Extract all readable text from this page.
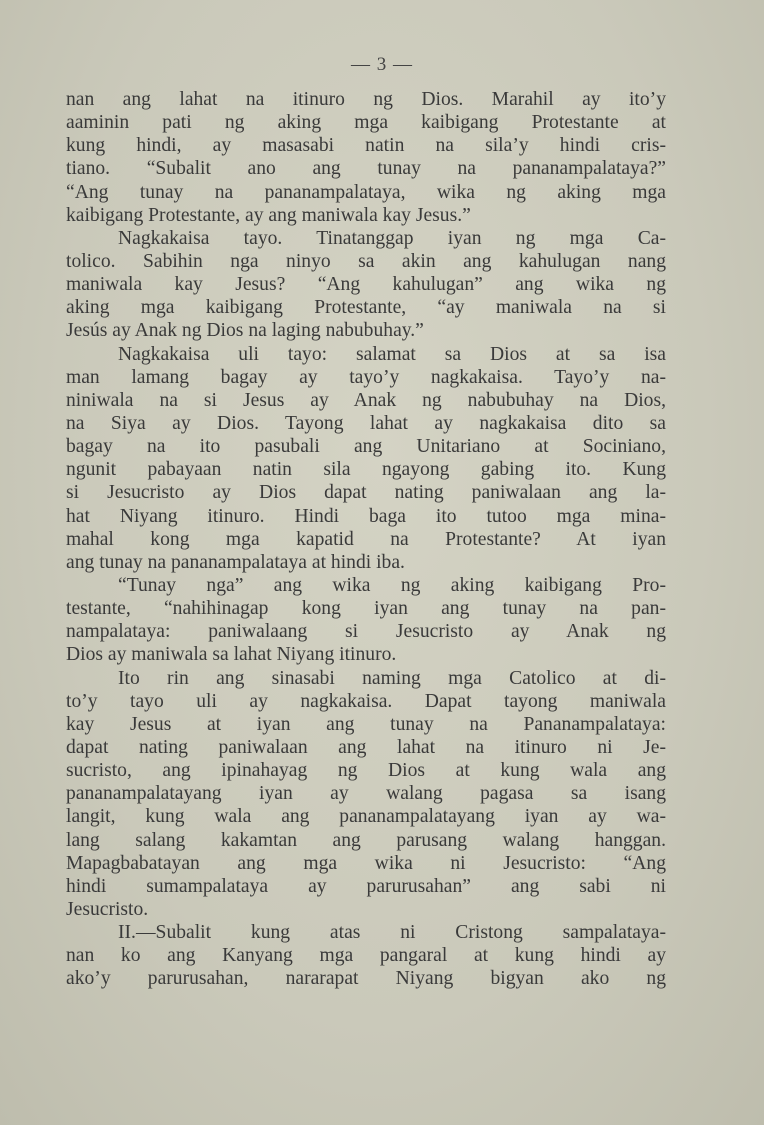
— 3 —
nan ang lahat na itinuro ng Dios. Marahil ay ito’y
aaminin pati ng aking mga kaibigang Protestante at
kung hindi, ay masasabi natin na sila’y hindi cris-
tiano. “Subalit ano ang tunay na pananampalataya?”
“Ang tunay na pananampalataya, wika ng aking mga
kaibigang Protestante, ay ang maniwala kay Jesus.”
Nagkakaisa tayo. Tinatanggap iyan ng mga Ca-
tolico. Sabihin nga ninyo sa akin ang kahulugan nang
maniwala kay Jesus? “Ang kahulugan” ang wika ng
aking mga kaibigang Protestante, “ay maniwala na si
Jesús ay Anak ng Dios na laging nabubuhay.”
Nagkakaisa uli tayo: salamat sa Dios at sa isa
man lamang bagay ay tayo’y nagkakaisa. Tayo’y na-
niniwala na si Jesus ay Anak ng nabubuhay na Dios,
na Siya ay Dios. Tayong lahat ay nagkakaisa dito sa
bagay na ito pasubali ang Unitariano at Sociniano,
ngunit pabayaan natin sila ngayong gabing ito. Kung
si Jesucristo ay Dios dapat nating paniwalaan ang la-
hat Niyang itinuro. Hindi baga ito tutoo mga mina-
mahal kong mga kapatid na Protestante? At iyan
ang tunay na pananampalataya at hindi iba.
“Tunay nga” ang wika ng aking kaibigang Pro-
testante, “nahihinagap kong iyan ang tunay na pan-
nampalataya: paniwalaang si Jesucristo ay Anak ng
Dios ay maniwala sa lahat Niyang itinuro.
Ito rin ang sinasabi naming mga Catolico at di-
to’y tayo uli ay nagkakaisa. Dapat tayong maniwala
kay Jesus at iyan ang tunay na Pananampalataya:
dapat nating paniwalaan ang lahat na itinuro ni Je-
sucristo, ang ipinahayag ng Dios at kung wala ang
pananampalatayang iyan ay walang pagasa sa isang
langit, kung wala ang pananampalatayang iyan ay wa-
lang salang kakamtan ang parusang walang hanggan.
Mapagbabatayan ang mga wika ni Jesucristo: “Ang
hindi sumampalataya ay parurusahan” ang sabi ni
Jesucristo.
II.—Subalit kung atas ni Cristong sampalataya-
nan ko ang Kanyang mga pangaral at kung hindi ay
ako’y parurusahan, nararapat Niyang bigyan ako ng
